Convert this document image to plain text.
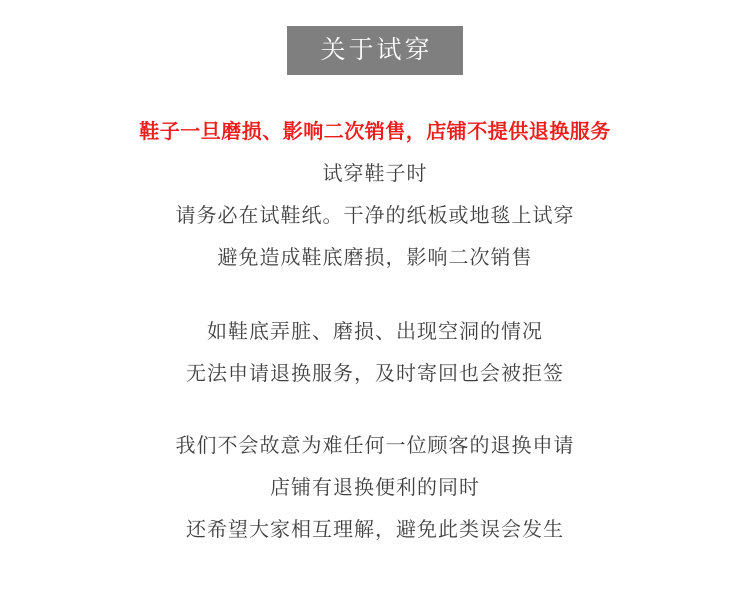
关于试穿
鞋子一旦磨损、影响二次销售，店铺不提供退换服务
试穿鞋子时
请务必在试鞋纸。干净的纸板或地毯上试穿
避免造成鞋底磨损，影响二次销售
如鞋底弄脏、磨损、出现空洞的情况
无法申请退换服务，及时寄回也会被拒签
我们不会故意为难任何一位顾客的退换申请
店铺有退换便利的同时
还希望大家相互理解，避免此类误会发生
